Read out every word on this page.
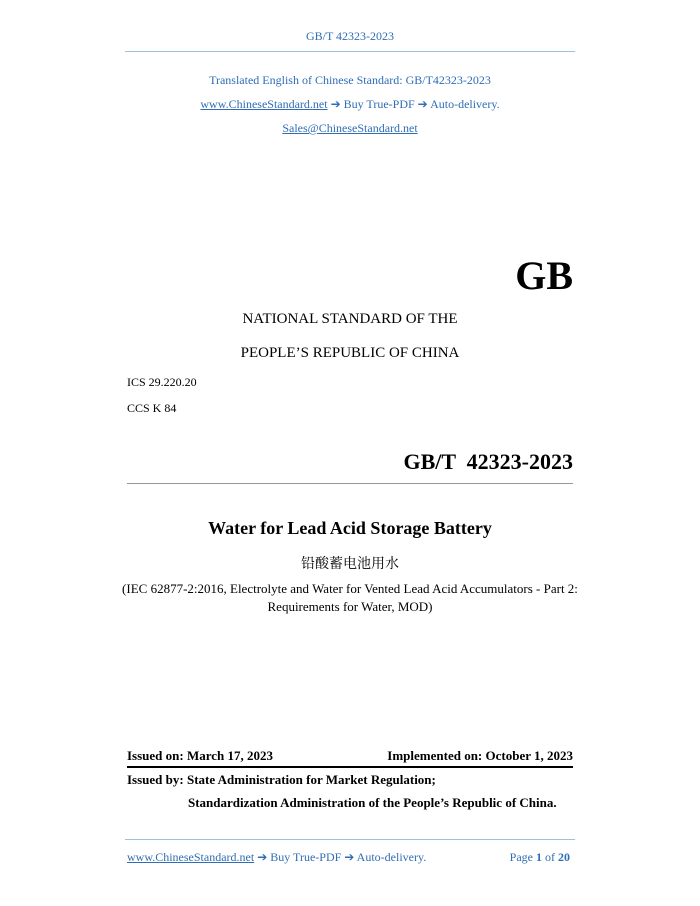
GB/T 42323-2023
Translated English of Chinese Standard: GB/T42323-2023
www.ChineseStandard.net ➔ Buy True-PDF ➔ Auto-delivery.
Sales@ChineseStandard.net
GB
NATIONAL STANDARD OF THE
PEOPLE’S REPUBLIC OF CHINA
ICS 29.220.20
CCS K 84
GB/T  42323-2023
Water for Lead Acid Storage Battery
铅酸蓄电池用水
(IEC 62877-2:2016, Electrolyte and Water for Vented Lead Acid Accumulators - Part 2: Requirements for Water, MOD)
Issued on: March 17, 2023	Implemented on: October 1, 2023
Issued by: State Administration for Market Regulation;
Standardization Administration of the People’s Republic of China.
www.ChineseStandard.net ➔ Buy True-PDF ➔ Auto-delivery.	Page 1 of 20
